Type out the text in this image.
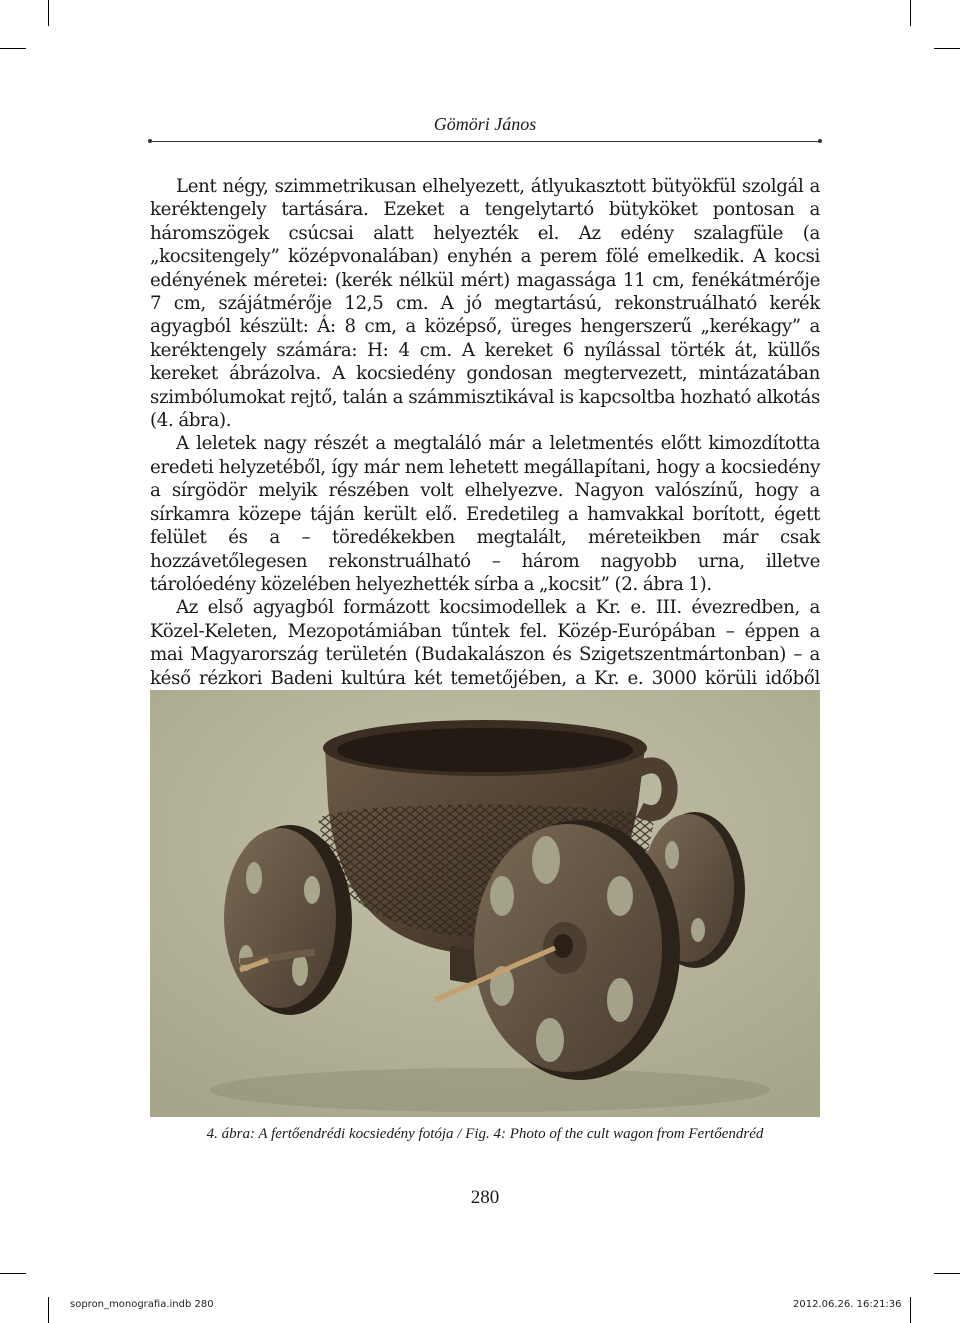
Gömöri János

Lent négy, szimmetrikusan elhelyezett, átlyukasztott bütyökfül szolgál a keréktengely tartására. Ezeket a tengelytartó bütyköket pontosan a háromszögek csúcsai alatt helyezték el. Az edény szalagfüle (a „kocsitengely” középvonalában) enyhén a perem fölé emelkedik. A kocsi edényének méretei: (kerék nélkül mért) magassága 11 cm, fenékátmérője 7 cm, szájátmérője 12,5 cm. A jó megtartású, rekonstruálható kerék agyagból készült: Á: 8 cm, a középső, üreges hengerszerű „kerékagy” a keréktengely számára: H: 4 cm. A kereket 6 nyílással törték át, küllős kereket ábrázolva. A kocsiedény gondosan megtervezett, mintázatában szimbólumokat rejtő, talán a számmisztikával is kapcsoltba hozható alkotás (4. ábra).

A leletek nagy részét a megtaláló már a leletmentés előtt kimozdította eredeti helyzetéből, így már nem lehetett megállapítani, hogy a kocsiedény a sírgödör melyik részében volt elhelyezve. Nagyon valószínű, hogy a sírkamra közepe táján került elő. Eredetileg a hamvakkal borított, égett felület és a – töredékekben megtalált, méreteikben már csak hozzávetőlegesen rekonstruálható – három nagyobb urna, illetve tárolóedény közelében helyezhették sírba a „kocsit” (2. ábra 1).

Az első agyagból formázott kocsimodellek a Kr. e. III. évezredben, a Közel-Keleten, Mezopotámiában tűntek fel. Közép-Európában – éppen a mai Magyarország területén (Budakalászon és Szigetszentmártonban) – a késő rézkori Badeni kultúra két temetőjében, a Kr. e. 3000 körüli időből

4. ábra: A fertőendrédi kocsiedény fotója / Fig. 4: Photo of the cult wagon from Fertőendréd
280
sopron_monografia.indb 280	2012.06.26. 16:21:36
